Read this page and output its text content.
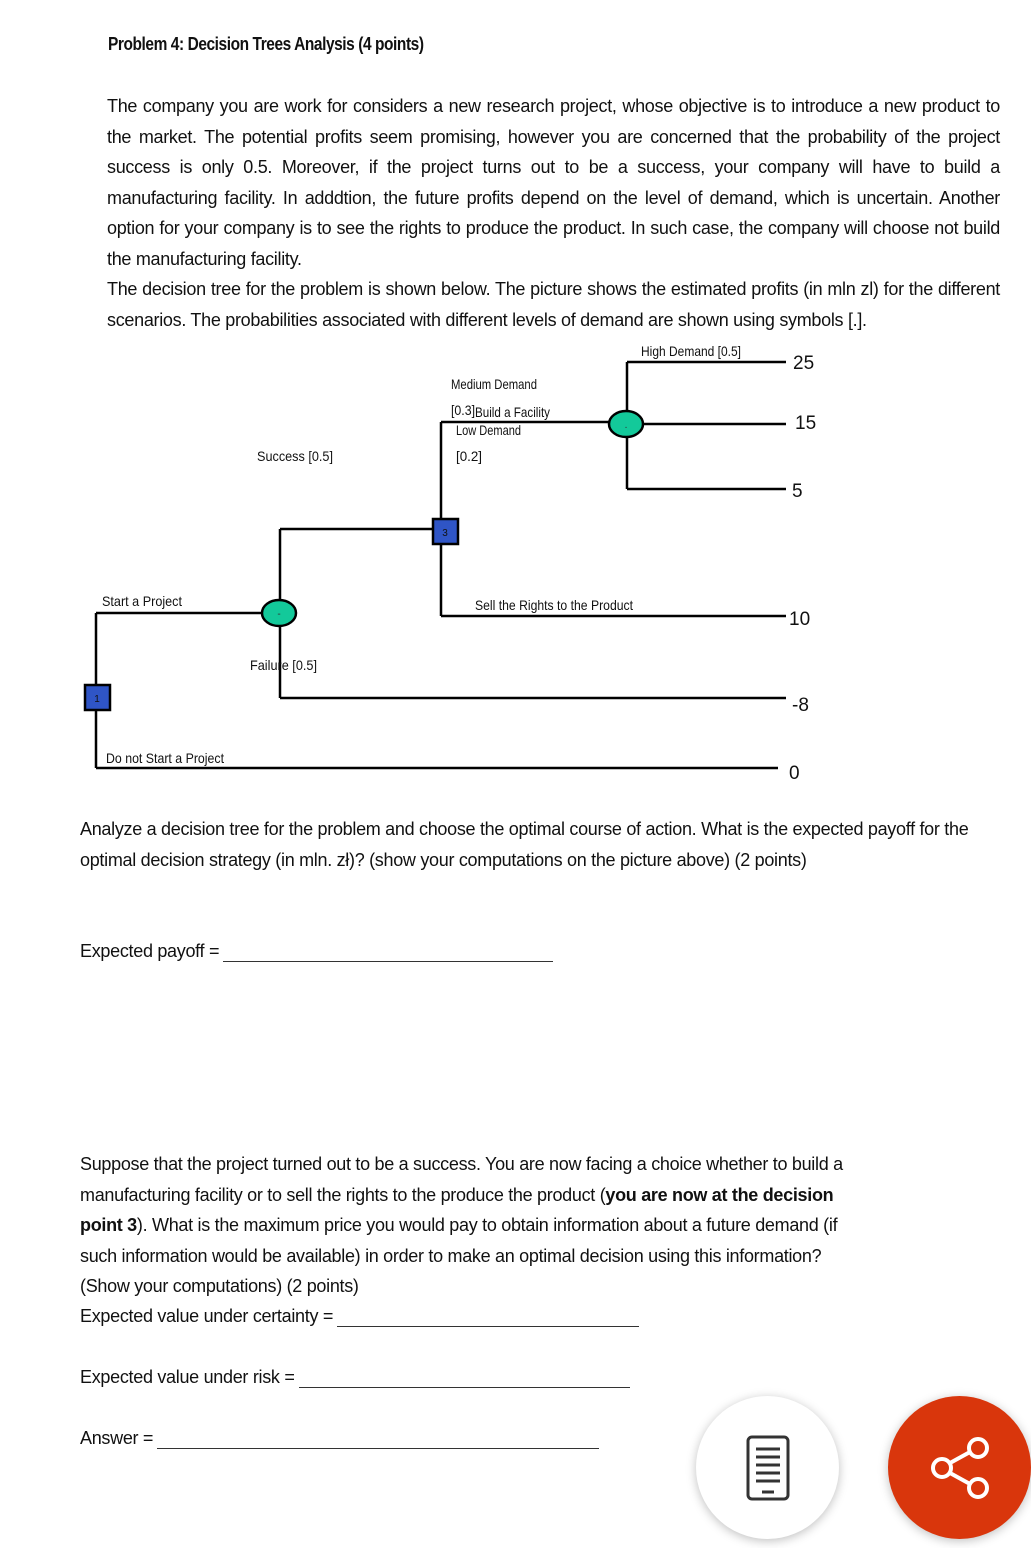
Problem 4: Decision Trees Analysis (4 points)
The company you are work for considers a new research project, whose objective is to introduce a new product to the market. The potential profits seem promising, however you are concerned that the probability of the project success is only 0.5. Moreover, if the project turns out to be a success, your company will have to build a manufacturing facility. In adddtion, the future profits depend on the level of demand, which is uncertain. Another option for your company is to see the rights to produce the product. In such case, the company will choose not build the manufacturing facility.
The decision tree for the problem is shown below. The picture shows the estimated profits (in mln zl) for the different scenarios. The probabilities associated with different levels of demand are shown using symbols [.].
1
3
-
.
High Demand [0.5]
Medium Demand
[0.3] Build a Facility
Low Demand
[0.2]
Success [0.5]
Start a Project	Sell the Rights to the Product
Failure [0.5]
Do not Start a Project
25
15
5
10
-8
0
Analyze a decision tree for the problem and choose the optimal course of action. What is the expected payoff for the optimal decision strategy (in mln. zł)? (show your computations on the picture above) (2 points)
Expected payoff =
Suppose that the project turned out to be a success. You are now facing a choice whether to build a manufacturing facility or to sell the rights to the produce the product (you are now at the decision point 3). What is the maximum price you would pay to obtain information about a future demand (if such information would be available) in order to make an optimal decision using this information? (Show your computations) (2 points)
Expected value under certainty =
Expected value under risk =
Answer =
